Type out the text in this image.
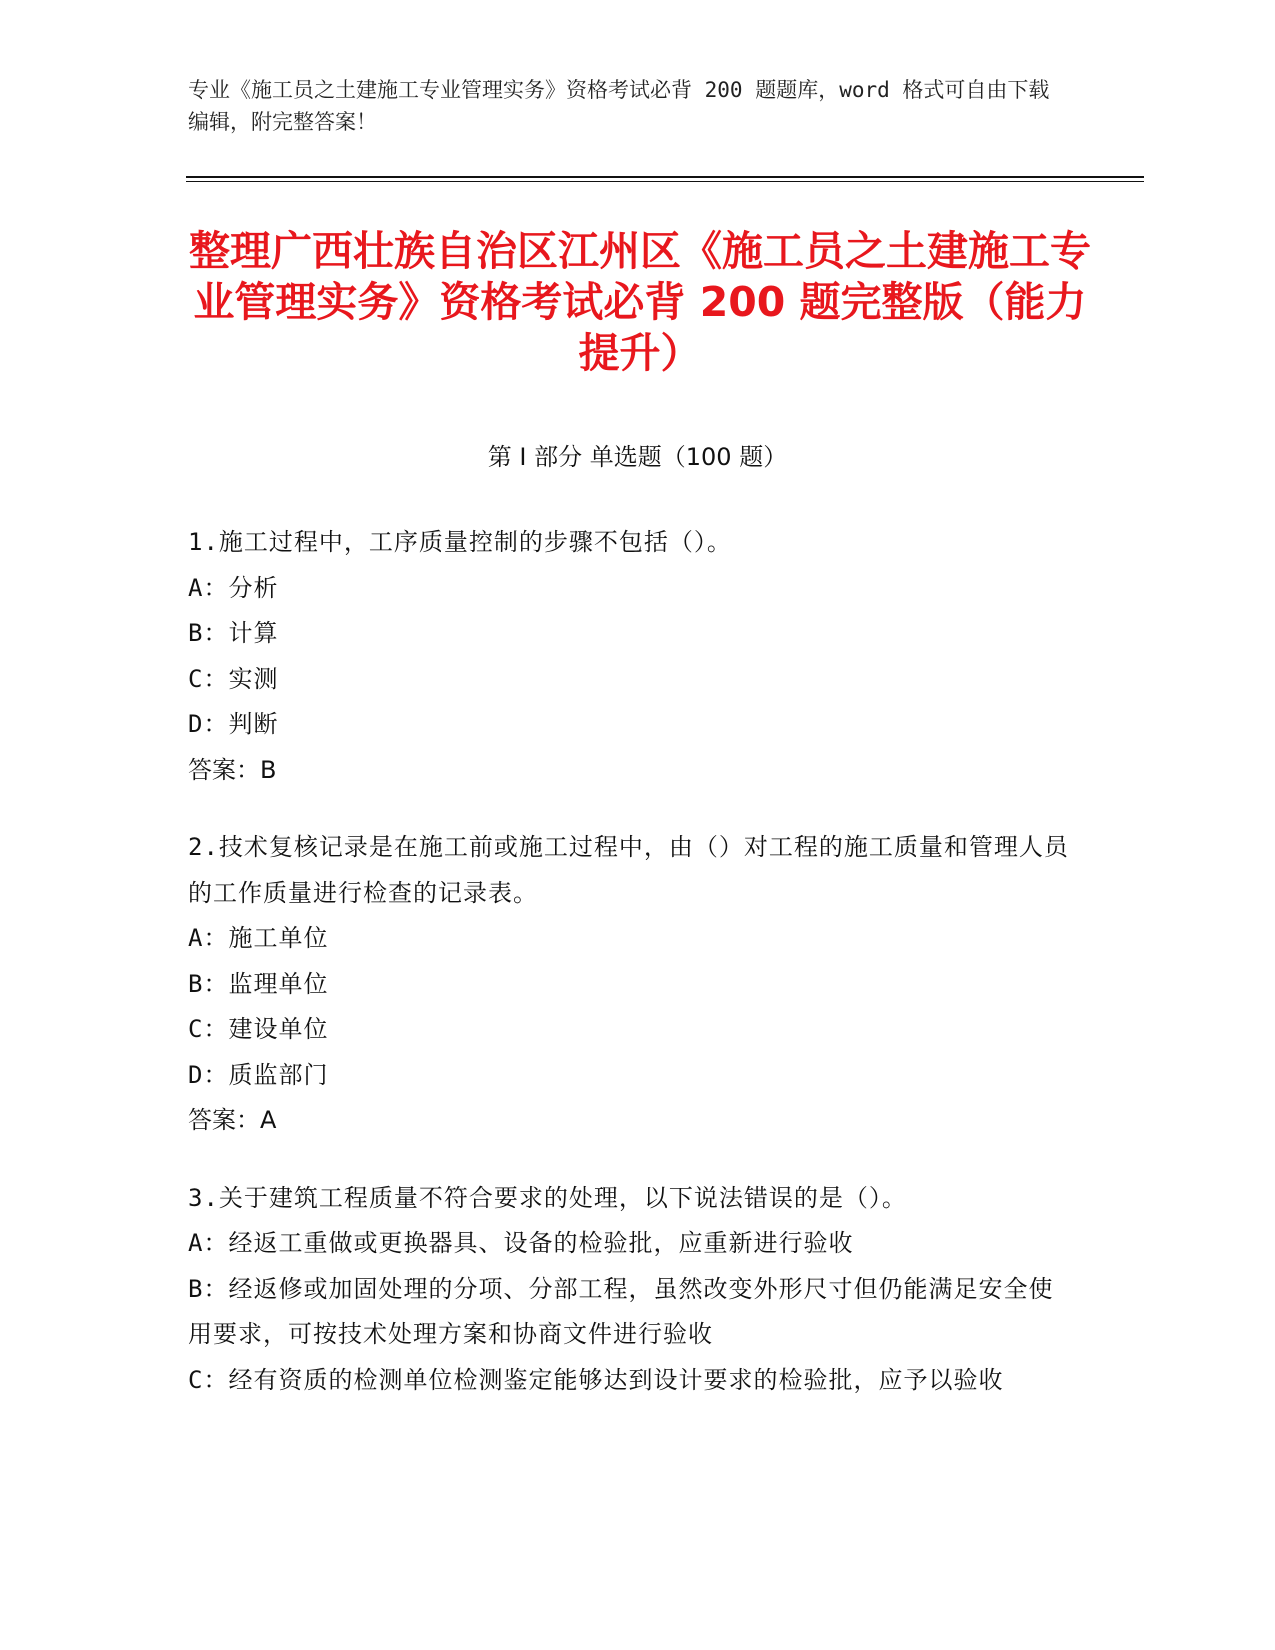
专业《施工员之土建施工专业管理实务》资格考试必背 200 题题库，word 格式可自由下载编辑，附完整答案！
整理广西壮族自治区江州区《施工员之土建施工专业管理实务》资格考试必背 200 题完整版（能力提升）
第 I 部分 单选题（100 题）
1.施工过程中，工序质量控制的步骤不包括（）。
A：分析
B：计算
C：实测
D：判断
答案：B
2.技术复核记录是在施工前或施工过程中，由（）对工程的施工质量和管理人员的工作质量进行检查的记录表。
A：施工单位
B：监理单位
C：建设单位
D：质监部门
答案：A
3.关于建筑工程质量不符合要求的处理，以下说法错误的是（）。
A：经返工重做或更换器具、设备的检验批，应重新进行验收
B：经返修或加固处理的分项、分部工程，虽然改变外形尺寸但仍能满足安全使用要求，可按技术处理方案和协商文件进行验收
C：经有资质的检测单位检测鉴定能够达到设计要求的检验批，应予以验收
